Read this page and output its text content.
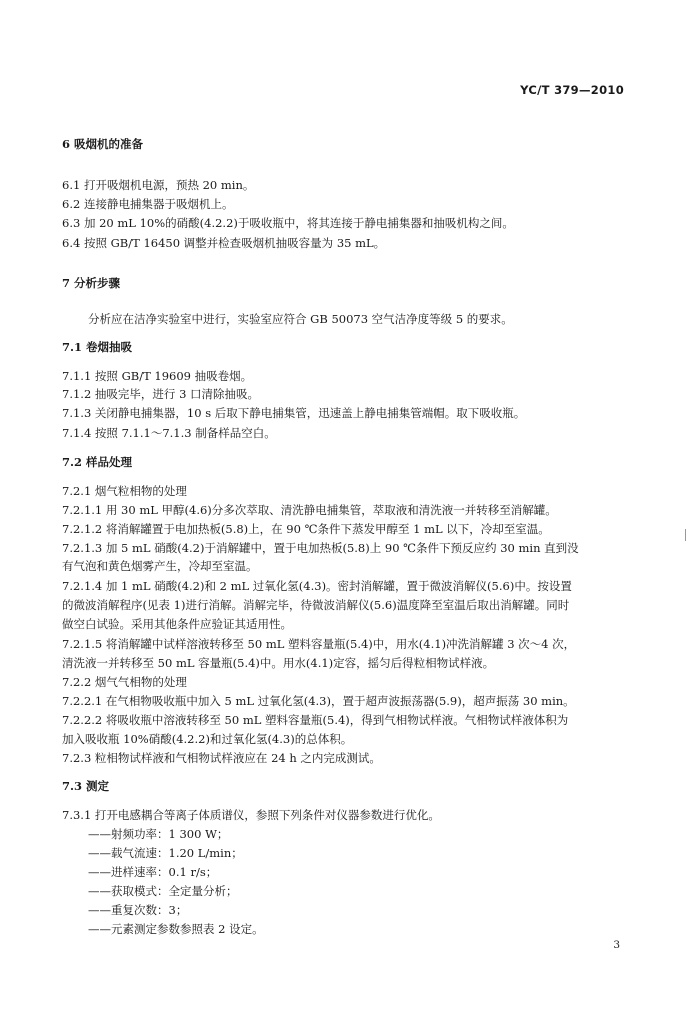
YC/T 379—2010
6 吸烟机的准备
6.1 打开吸烟机电源，预热 20 min。
6.2 连接静电捕集器于吸烟机上。
6.3 加 20 mL 10%的硝酸(4.2.2)于吸收瓶中，将其连接于静电捕集器和抽吸机构之间。
6.4 按照 GB/T 16450 调整并检查吸烟机抽吸容量为 35 mL。
7 分析步骤
分析应在洁净实验室中进行，实验室应符合 GB 50073 空气洁净度等级 5 的要求。
7.1 卷烟抽吸
7.1.1 按照 GB/T 19609 抽吸卷烟。
7.1.2 抽吸完毕，进行 3 口清除抽吸。
7.1.3 关闭静电捕集器，10 s 后取下静电捕集管，迅速盖上静电捕集管端帽。取下吸收瓶。
7.1.4 按照 7.1.1～7.1.3 制备样品空白。
7.2 样品处理
7.2.1 烟气粒相物的处理
7.2.1.1 用 30 mL 甲醇(4.6)分多次萃取、清洗静电捕集管，萃取液和清洗液一并转移至消解罐。
7.2.1.2 将消解罐置于电加热板(5.8)上，在 90 ℃条件下蒸发甲醇至 1 mL 以下，冷却至室温。
7.2.1.3 加 5 mL 硝酸(4.2)于消解罐中，置于电加热板(5.8)上 90 ℃条件下预反应约 30 min 直到没
有气泡和黄色烟雾产生，冷却至室温。
7.2.1.4 加 1 mL 硝酸(4.2)和 2 mL 过氧化氢(4.3)。密封消解罐，置于微波消解仪(5.6)中。按设置
的微波消解程序(见表 1)进行消解。消解完毕，待微波消解仪(5.6)温度降至室温后取出消解罐。同时
做空白试验。采用其他条件应验证其适用性。
7.2.1.5 将消解罐中试样溶液转移至 50 mL 塑料容量瓶(5.4)中，用水(4.1)冲洗消解罐 3 次～4 次，
清洗液一并转移至 50 mL 容量瓶(5.4)中。用水(4.1)定容，摇匀后得粒相物试样液。
7.2.2 烟气气相物的处理
7.2.2.1 在气相物吸收瓶中加入 5 mL 过氧化氢(4.3)，置于超声波振荡器(5.9)，超声振荡 30 min。
7.2.2.2 将吸收瓶中溶液转移至 50 mL 塑料容量瓶(5.4)，得到气相物试样液。气相物试样液体积为
加入吸收瓶 10%硝酸(4.2.2)和过氧化氢(4.3)的总体积。
7.2.3 粒相物试样液和气相物试样液应在 24 h 之内完成测试。
7.3 测定
7.3.1 打开电感耦合等离子体质谱仪，参照下列条件对仪器参数进行优化。
——射频功率：1 300 W；
——载气流速：1.20 L/min；
——进样速率：0.1 r/s；
——获取模式：全定量分析；
——重复次数：3；
——元素测定参数参照表 2 设定。
3
